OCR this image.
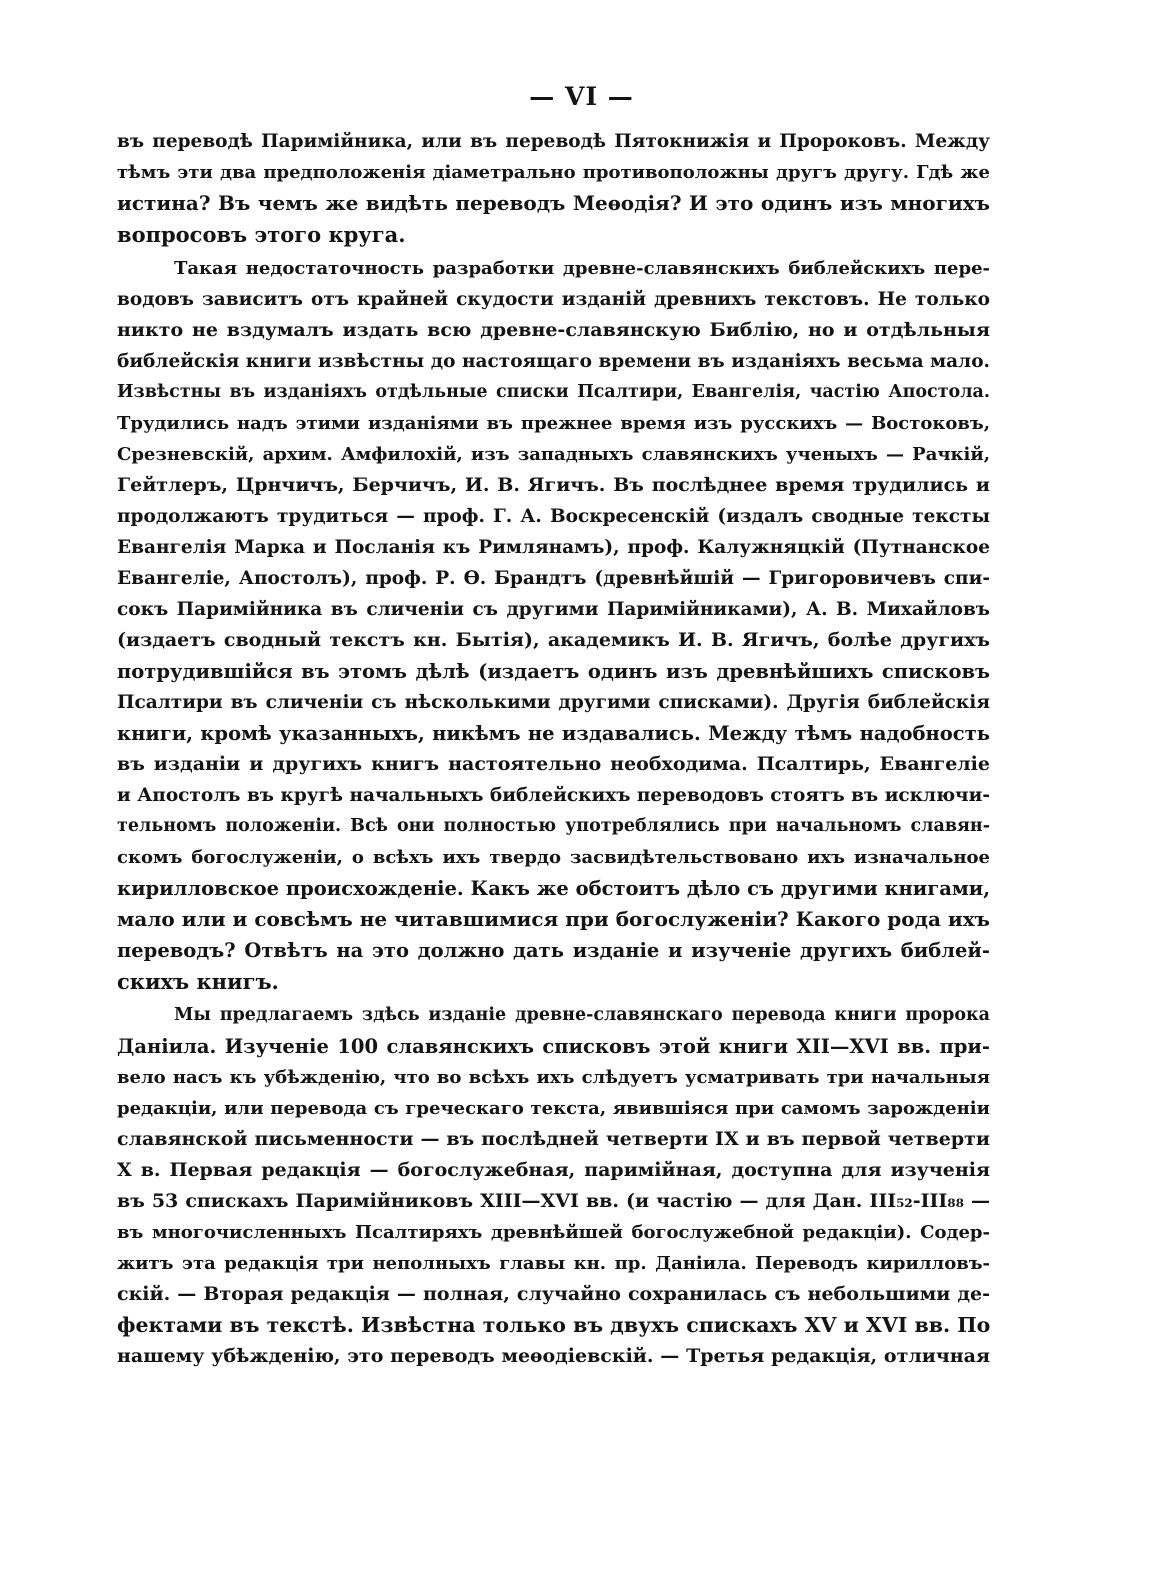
— VI —
въ переводѣ Паримійника, или въ переводѣ Пятокнижія и Пророковъ. Между
тѣмъ эти два предположенія діаметрально противоположны другъ другу. Гдѣ же
истина? Въ чемъ же видѣть переводъ Меѳодія? И это одинъ изъ многихъ
вопросовъ этого круга.
Такая недостаточность разработки древне-славянскихъ библейскихъ пере-
водовъ зависитъ отъ крайней скудости изданій древнихъ текстовъ. Не только
никто не вздумалъ издать всю древне-славянскую Библію, но и отдѣльныя
библейскія книги извѣстны до настоящаго времени въ изданіяхъ весьма мало.
Извѣстны въ изданіяхъ отдѣльные списки Псалтири, Евангелія, частію Апостола.
Трудились надъ этими изданіями въ прежнее время изъ русскихъ — Востоковъ,
Срезневскій, архим. Амфилохій, изъ западныхъ славянскихъ ученыхъ — Рачкій,
Гейтлеръ, Црнчичъ, Берчичъ, И. В. Ягичъ. Въ послѣднее время трудились и
продолжаютъ трудиться — проф. Г. А. Воскресенскій (издалъ сводные тексты
Евангелія Марка и Посланія къ Римлянамъ), проф. Калужняцкій (Путнанское
Евангеліе, Апостолъ), проф. Р. Ѳ. Брандтъ (древнѣйшій — Григоровичевъ спи-
сокъ Паримійника въ сличеніи съ другими Паримійниками), А. В. Михайловъ
(издаетъ сводный текстъ кн. Бытія), академикъ И. В. Ягичъ, болѣе другихъ
потрудившійся въ этомъ дѣлѣ (издаетъ одинъ изъ древнѣйшихъ списковъ
Псалтири въ сличеніи съ нѣсколькими другими списками). Другія библейскія
книги, кромѣ указанныхъ, никѣмъ не издавались. Между тѣмъ надобность
въ изданіи и другихъ книгъ настоятельно необходима. Псалтирь, Евангеліе
и Апостолъ въ кругѣ начальныхъ библейскихъ переводовъ стоятъ въ исключи-
тельномъ положеніи. Всѣ они полностью употреблялись при начальномъ славян-
скомъ богослуженіи, о всѣхъ ихъ твердо засвидѣтельствовано ихъ изначальное
кирилловское происхожденіе. Какъ же обстоитъ дѣло съ другими книгами,
мало или и совсѣмъ не читавшимися при богослуженіи? Какого рода ихъ
переводъ? Отвѣтъ на это должно дать изданіе и изученіе другихъ библей-
скихъ книгъ.
Мы предлагаемъ здѣсь изданіе древне-славянскаго перевода книги пророка
Даніила. Изученіе 100 славянскихъ списковъ этой книги XII—XVI вв. при-
вело насъ къ убѣжденію, что во всѣхъ ихъ слѣдуетъ усматривать три начальныя
редакціи, или перевода съ греческаго текста, явившіяся при самомъ зарожденіи
славянской письменности — въ послѣдней четверти IX и въ первой четверти
X в. Первая редакція — богослужебная, паримійная, доступна для изученія
въ 53 спискахъ Паримійниковъ XIII—XVI вв. (и частію — для Дан. III₅₂-III₈₈ —
въ многочисленныхъ Псалтиряхъ древнѣйшей богослужебной редакціи). Содер-
житъ эта редакція три неполныхъ главы кн. пр. Даніила. Переводъ кирилловъ-
скій. — Вторая редакція — полная, случайно сохранилась съ небольшими де-
фектами въ текстѣ. Извѣстна только въ двухъ спискахъ XV и XVI вв. По
нашему убѣжденію, это переводъ меѳодіевскій. — Третья редакція, отличная
